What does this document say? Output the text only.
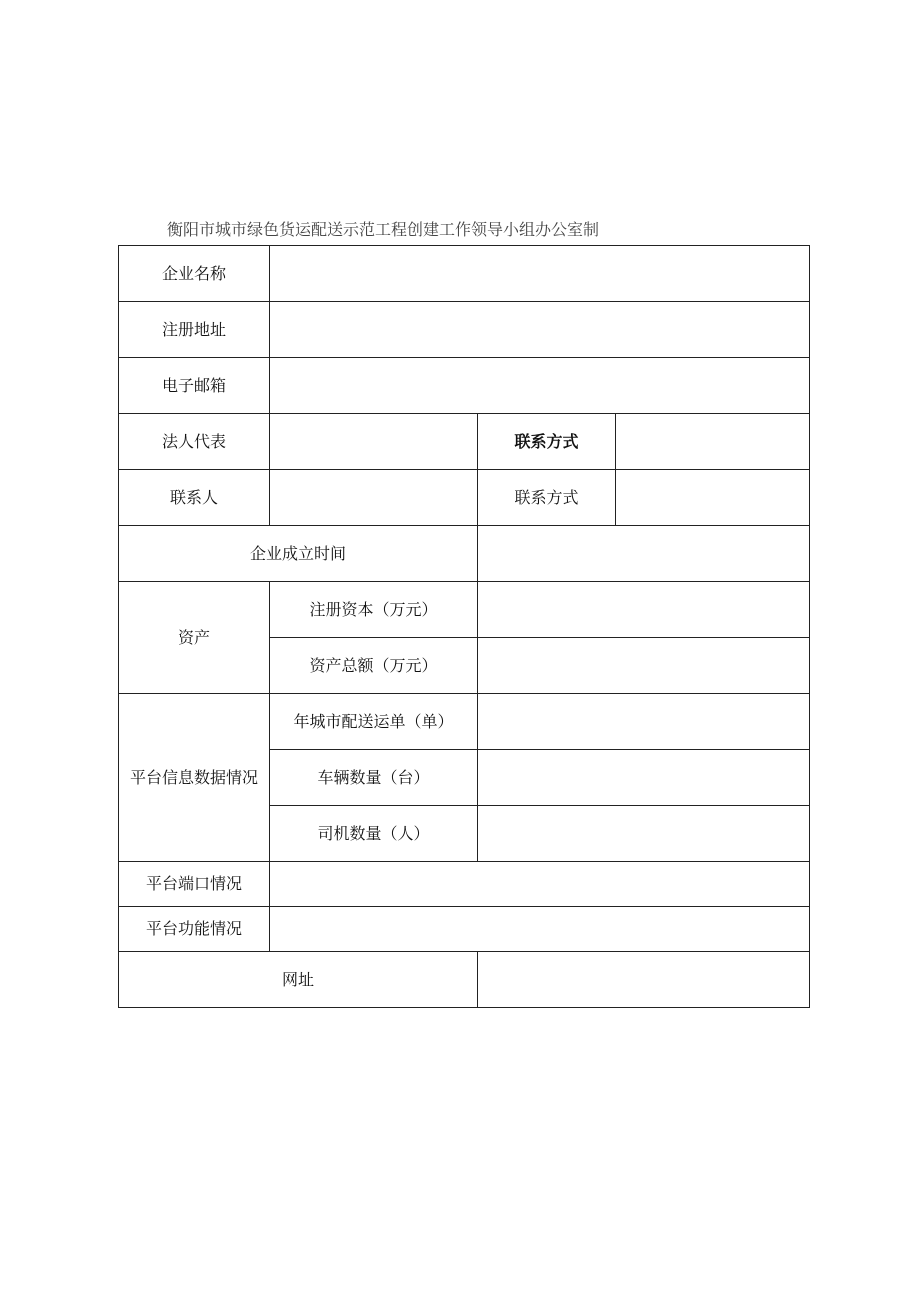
衡阳市城市绿色货运配送示范工程创建工作领导小组办公室制
企业名称			
注册地址			
电子邮箱			
法人代表		联系方式	
联系人		联系方式	
企业成立时间			
资产	注册资本（万元）		
	资产总额（万元）		
平台信息数据情况	年城市配送运单（单）		
	车辆数量（台）		
	司机数量（人）		
平台端口情况			
平台功能情况			
网址			
